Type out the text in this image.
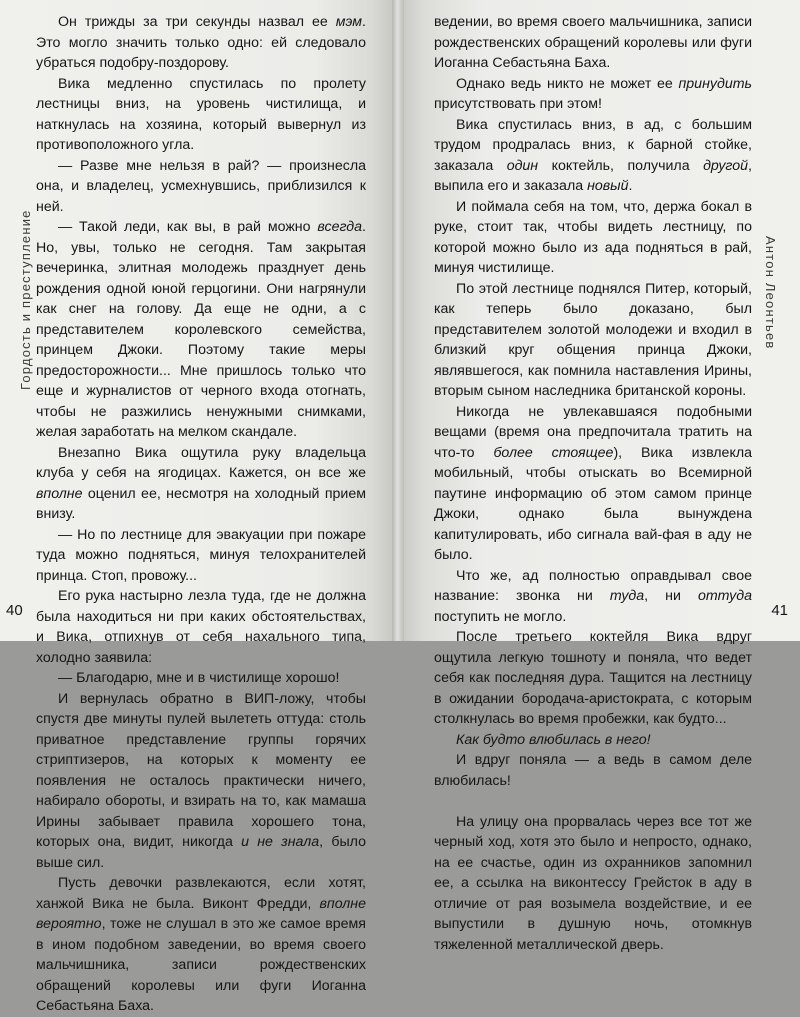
Он трижды за три секунды назвал ее мэм. Это могло значить только одно: ей следовало убраться подобру-поздорову.

Вика медленно спустилась по пролету лестницы вниз, на уровень чистилища, и наткнулась на хозяина, который вывернул из противоположного угла.

— Разве мне нельзя в рай? — произнесла она, и владелец, усмехнувшись, приблизился к ней.

— Такой леди, как вы, в рай можно всегда. Но, увы, только не сегодня. Там закрытая вечеринка, элитная молодежь празднует день рождения одной юной герцогини. Они нагрянули как снег на голову. Да еще не одни, а с представителем королевского семейства, принцем Джоки. Поэтому такие меры предосторожности... Мне пришлось только что еще и журналистов от черного входа отогнать, чтобы не разжились ненужными снимками, желая заработать на мелком скандале.

Внезапно Вика ощутила руку владельца клуба у себя на ягодицах. Кажется, он все же вполне оценил ее, несмотря на холодный прием внизу.

— Но по лестнице для эвакуации при пожаре туда можно подняться, минуя телохранителей принца. Стоп, провожу...

Его рука настырно лезла туда, где не должна была находиться ни при каких обстоятельствах, и Вика, отпихнув от себя нахального типа, холодно заявила:

— Благодарю, мне и в чистилище хорошо!

И вернулась обратно в ВИП-ложу, чтобы спустя две минуты пулей вылететь оттуда: столь приватное представление группы горячих стриптизеров, на которых к моменту ее появления не осталось практически ничего, набирало обороты, и взирать на то, как мамаша Ирины забывает правила хорошего тона, которых она, видит, никогда и не знала, было выше сил.

Пусть девочки развлекаются, если хотят, ханжой Вика не была. Виконт Фредди, вполне вероятно, тоже не слушал в это же самое время в ином подобном заведении, во время своего мальчишника, записи рождественских обращений королевы или фуги Иоганна Себастьяна Баха.

Гордость и преступление
40

ведении, во время своего мальчишника, записи рождественских обращений королевы или фуги Иоганна Себастьяна Баха.

Однако ведь никто не может ее принудить присутствовать при этом!

Вика спустилась вниз, в ад, с большим трудом продралась вниз, к барной стойке, заказала один коктейль, получила другой, выпила его и заказала новый.

И поймала себя на том, что, держа бокал в руке, стоит так, чтобы видеть лестницу, по которой можно было из ада подняться в рай, минуя чистилище.

По этой лестнице поднялся Питер, который, как теперь было доказано, был представителем золотой молодежи и входил в близкий круг общения принца Джоки, являвшегося, как помнила наставления Ирины, вторым сыном наследника британской короны.

Никогда не увлекавшаяся подобными вещами (время она предпочитала тратить на что-то более стоящее), Вика извлекла мобильный, чтобы отыскать во Всемирной паутине информацию об этом самом принце Джоки, однако была вынуждена капитулировать, ибо сигнала вай-фая в аду не было.

Что же, ад полностью оправдывал свое название: звонка ни туда, ни оттуда поступить не могло.

После третьего коктейля Вика вдруг ощутила легкую тошноту и поняла, что ведет себя как последняя дура. Тащится на лестницу в ожидании бородача-аристократа, с которым столкнулась во время пробежки, как будто...

Как будто влюбилась в него!

И вдруг поняла — а ведь в самом деле влюбилась!

На улицу она прорвалась через все тот же черный ход, хотя это было и непросто, однако, на ее счастье, один из охранников запомнил ее, а ссылка на виконтессу Грейсток в аду в отличие от рая возымела воздействие, и ее выпустили в душную ночь, отомкнув тяжеленной металлической дверь.

Антон Леонтьев
41
